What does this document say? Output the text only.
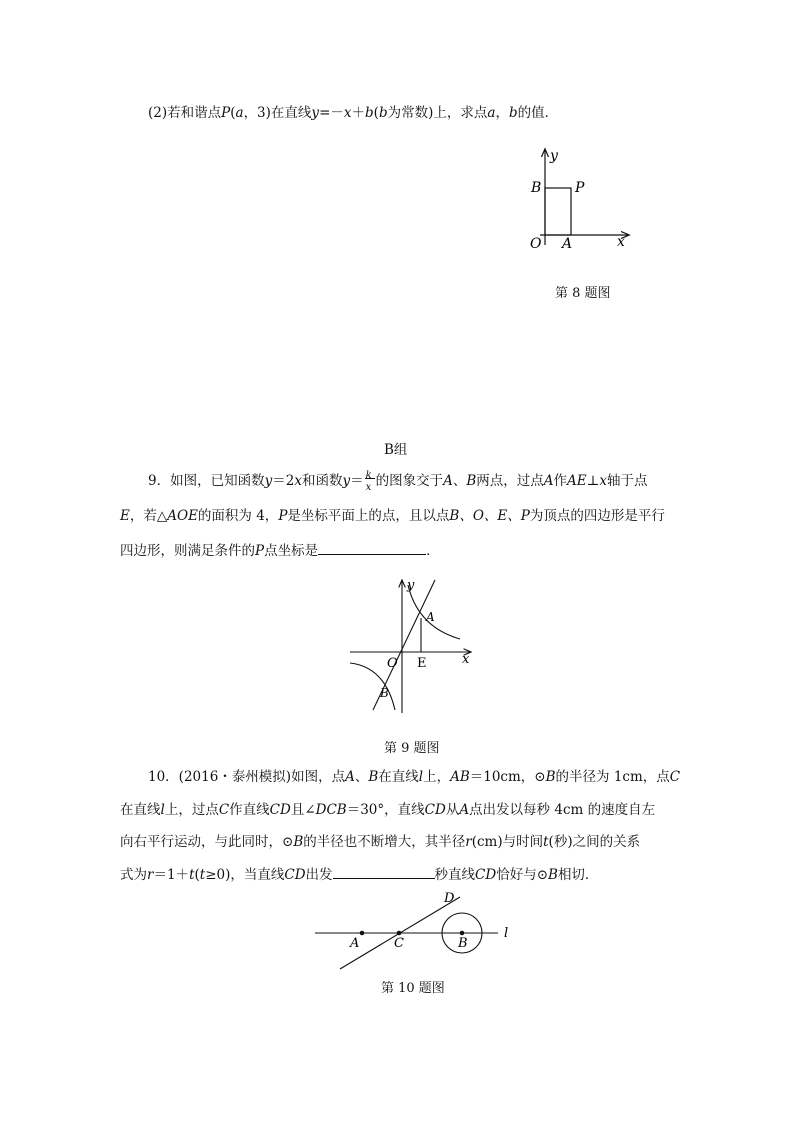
(2)若和谐点P(a，3)在直线y=－x＋b(b为常数)上，求点a，b的值．
y
x
B P
O A
第 8 题图
B组
9．如图，已知函数y＝2x和函数y＝ k
x 的图象交于A、B两点，过点A作AE⊥x轴于点
E，若△AOE的面积为 4，P是坐标平面上的点，且以点B、O、E、P为顶点的四边形是平行
四边形，则满足条件的P点坐标是	．
y
x
A
O E
B
第 9 题图
10．(2016・泰州模拟)如图，点A、B在直线l上，AB＝10cm，⊙B的半径为 1cm，点C
在直线l上，过点C作直线CD且∠DCB＝30°，直线CD从A点出发以每秒 4cm 的速度自左
向右平行运动，与此同时，⊙B的半径也不断增大，其半径r(cm)与时间t(秒)之间的关系
式为r＝1＋t(t≥0)，当直线CD出发	秒直线CD恰好与⊙B相切．
D
A	C	B
l
第 10 题图
